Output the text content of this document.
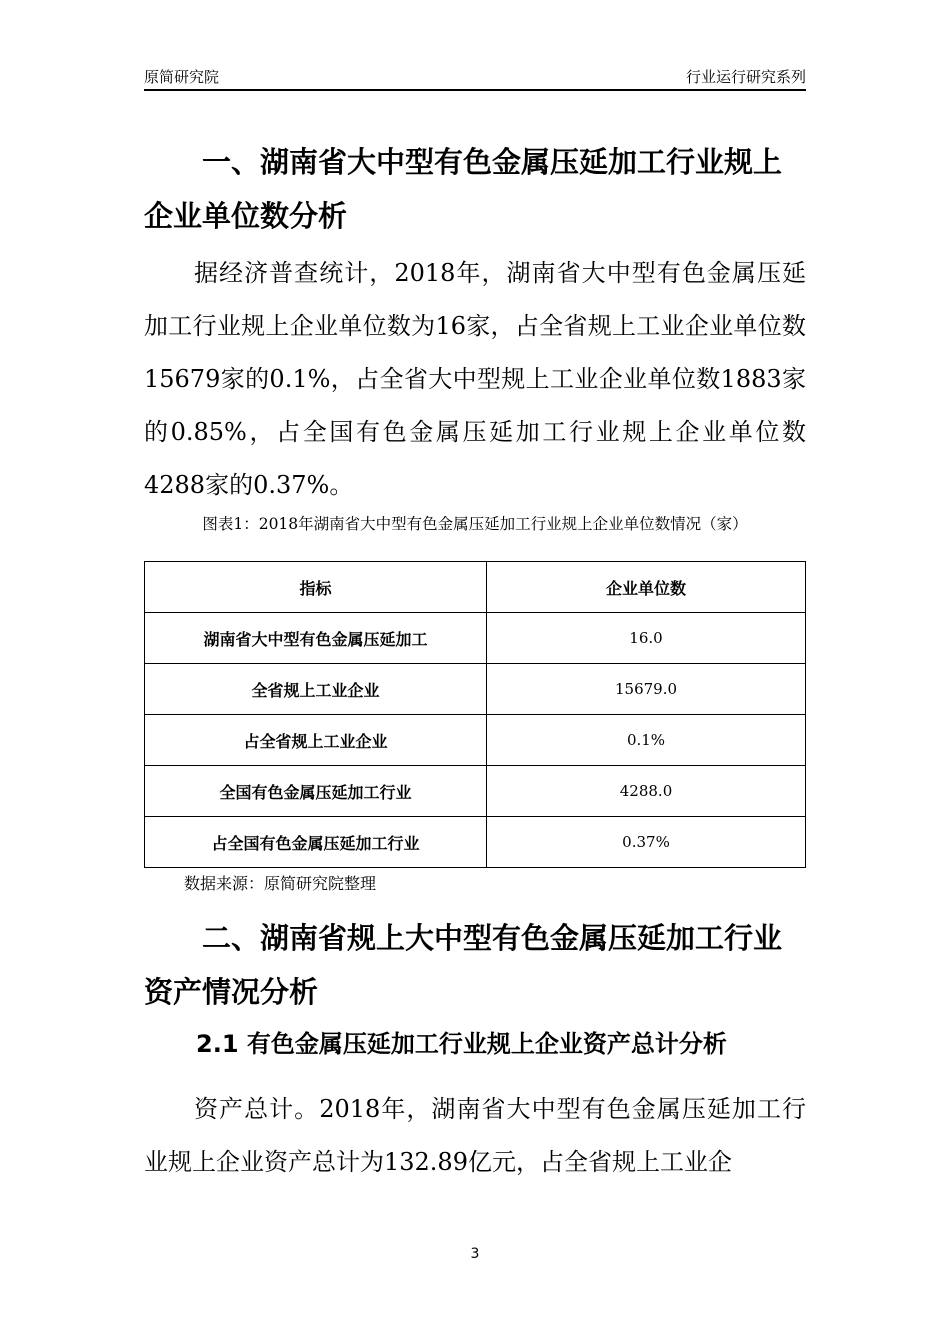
原简研究院	行业运行研究系列
一、湖南省大中型有色金属压延加工行业规上企业单位数分析

据经济普查统计，2018年，湖南省大中型有色金属压延加工行业规上企业单位数为16家，占全省规上工业企业单位数15679家的0.1%，占全省大中型规上工业企业单位数1883家的0.85%，占全国有色金属压延加工行业规上企业单位数4288家的0.37%。

图表1：2018年湖南省大中型有色金属压延加工行业规上企业单位数情况（家）
指标	企业单位数
湖南省大中型有色金属压延加工	16.0
全省规上工业企业	15679.0
占全省规上工业企业	0.1%
全国有色金属压延加工行业	4288.0
占全国有色金属压延加工行业	0.37%
数据来源：原简研究院整理
二、湖南省规上大中型有色金属压延加工行业资产情况分析
2.1 有色金属压延加工行业规上企业资产总计分析

资产总计。2018年，湖南省大中型有色金属压延加工行业规上企业资产总计为132.89亿元，占全省规上工业企

3
